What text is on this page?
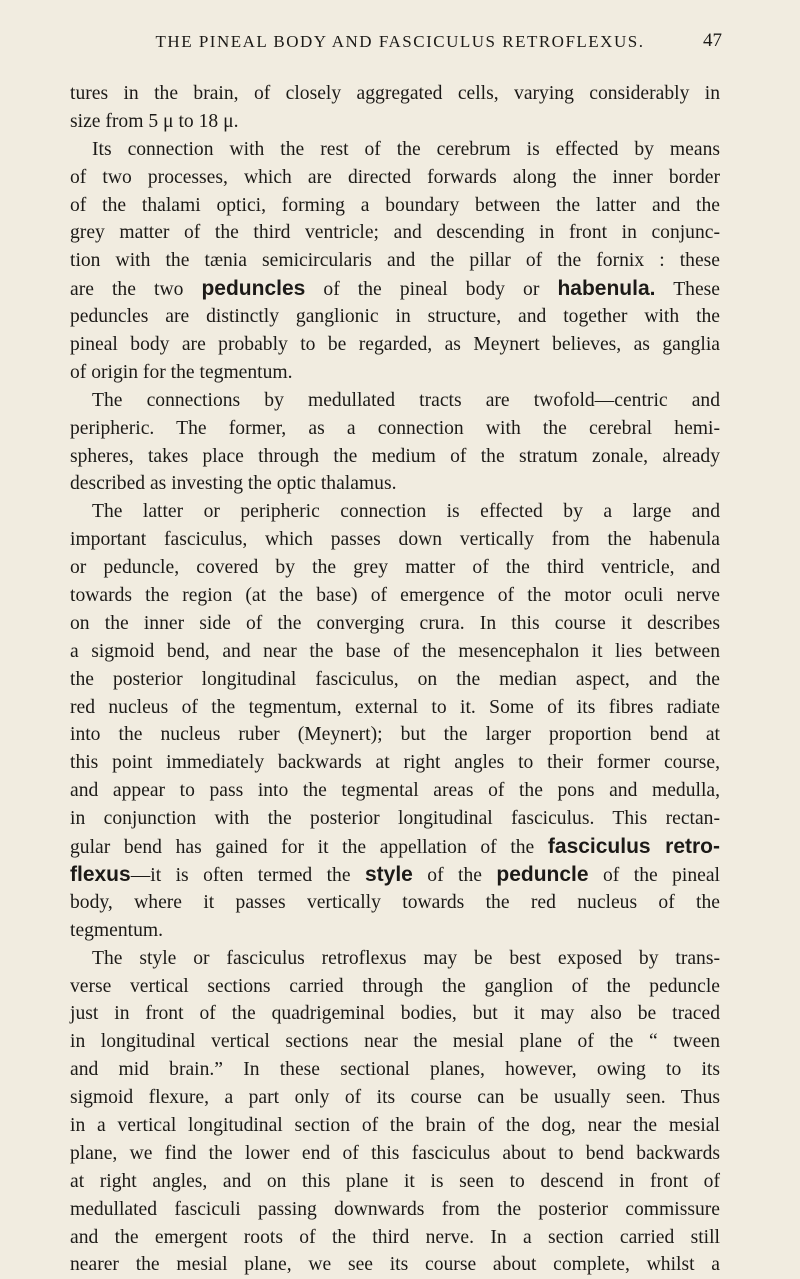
THE PINEAL BODY AND FASCICULUS RETROFLEXUS.	47
tures in the brain, of closely aggregated cells, varying considerably in
size from 5 μ to 18 μ.
Its connection with the rest of the cerebrum is effected by means
of two processes, which are directed forwards along the inner border
of the thalami optici, forming a boundary between the latter and the
grey matter of the third ventricle; and descending in front in conjunc-
tion with the tænia semicircularis and the pillar of the fornix : these
are the two peduncles of the pineal body or habenula. These
peduncles are distinctly ganglionic in structure, and together with the
pineal body are probably to be regarded, as Meynert believes, as ganglia
of origin for the tegmentum.
The connections by medullated tracts are twofold—centric and
peripheric. The former, as a connection with the cerebral hemi-
spheres, takes place through the medium of the stratum zonale, already
described as investing the optic thalamus.
The latter or peripheric connection is effected by a large and
important fasciculus, which passes down vertically from the habenula
or peduncle, covered by the grey matter of the third ventricle, and
towards the region (at the base) of emergence of the motor oculi nerve
on the inner side of the converging crura. In this course it describes
a sigmoid bend, and near the base of the mesencephalon it lies between
the posterior longitudinal fasciculus, on the median aspect, and the
red nucleus of the tegmentum, external to it. Some of its fibres radiate
into the nucleus ruber (Meynert); but the larger proportion bend at
this point immediately backwards at right angles to their former course,
and appear to pass into the tegmental areas of the pons and medulla,
in conjunction with the posterior longitudinal fasciculus. This rectan-
gular bend has gained for it the appellation of the fasciculus retro-
flexus—it is often termed the style of the peduncle of the pineal
body, where it passes vertically towards the red nucleus of the
tegmentum.
The style or fasciculus retroflexus may be best exposed by trans-
verse vertical sections carried through the ganglion of the peduncle
just in front of the quadrigeminal bodies, but it may also be traced
in longitudinal vertical sections near the mesial plane of the “ tween
and mid brain.” In these sectional planes, however, owing to its
sigmoid flexure, a part only of its course can be usually seen. Thus
in a vertical longitudinal section of the brain of the dog, near the mesial
plane, we find the lower end of this fasciculus about to bend backwards
at right angles, and on this plane it is seen to descend in front of
medullated fasciculi passing downwards from the posterior commissure
and the emergent roots of the third nerve. In a section carried still
nearer the mesial plane, we see its course about complete, whilst a
